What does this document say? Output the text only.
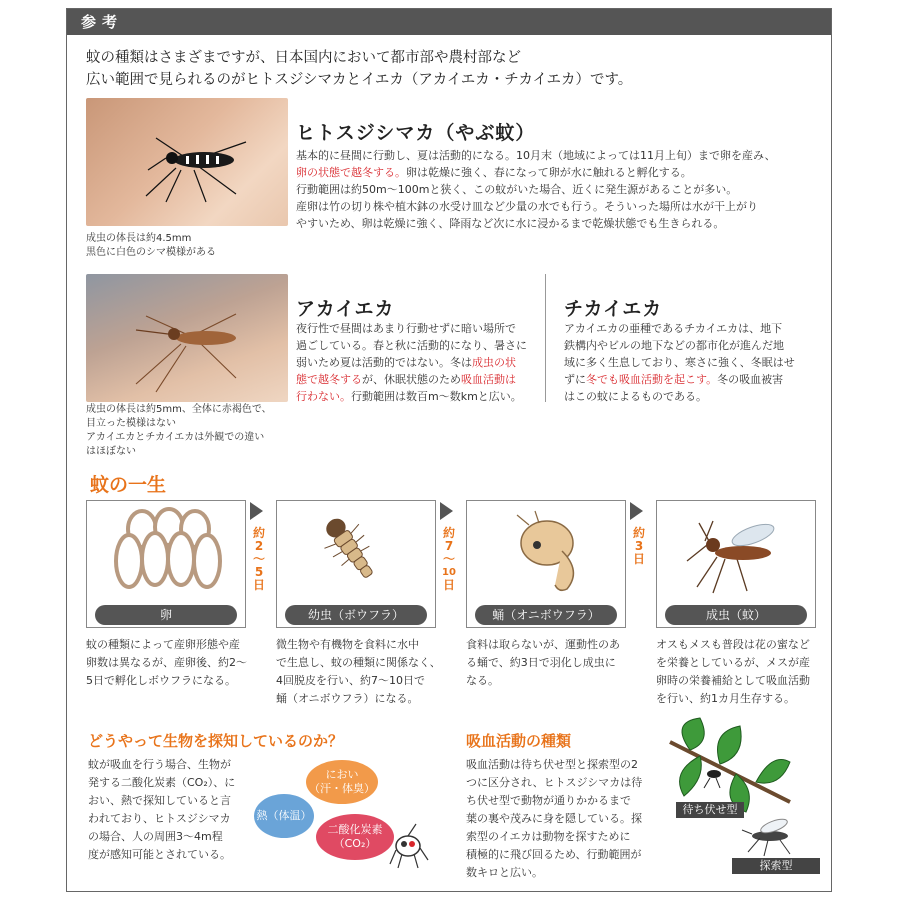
参考
蚊の種類はさまざまですが、日本国内において都市部や農村部など
広い範囲で見られるのがヒトスジシマカとイエカ（アカイエカ・チカイエカ）です。
成虫の体長は約4.5mm
黒色に白色のシマ模様がある
ヒトスジシマカ（やぶ蚊）
基本的に昼間に行動し、夏は活動的になる。10月末（地域によっては11月上旬）まで卵を産み、
卵の状態で越冬する。卵は乾燥に強く、春になって卵が水に触れると孵化する。
行動範囲は約50m〜100mと狭く、この蚊がいた場合、近くに発生源があることが多い。
産卵は竹の切り株や植木鉢の水受け皿など少量の水でも行う。そういった場所は水が干上がり
やすいため、卵は乾燥に強く、降雨など次に水に浸かるまで乾燥状態でも生きられる。
成虫の体長は約5mm、全体に赤褐色で、
目立った模様はない
アカイエカとチカイエカは外観での違い
はほぼない
アカイエカ
夜行性で昼間はあまり行動せずに暗い場所で
過ごしている。春と秋に活動的になり、暑さに
弱いため夏は活動的ではない。冬は成虫の状
態で越冬するが、休眠状態のため吸血活動は
行わない。行動範囲は数百m〜数kmと広い。
チカイエカ
アカイエカの亜種であるチカイエカは、地下
鉄構内やビルの地下などの都市化が進んだ地
域に多く生息しており、寒さに強く、冬眠はせ
ずに冬でも吸血活動を起こす。冬の吸血被害
はこの蚊によるものである。
蚊の一生
卵	幼虫（ボウフラ）	蛹（オニボウフラ）	成虫（蚊）
約
2
〜
5
日
約
7
〜
10
日
約
3
日
蚊の種類によって産卵形態や産
卵数は異なるが、産卵後、約2〜
5日で孵化しボウフラになる。
微生物や有機物を食料に水中
で生息し、蚊の種類に関係なく、
4回脱皮を行い、約7〜10日で
蛹（オニボウフラ）になる。
食料は取らないが、運動性のあ
る蛹で、約3日で羽化し成虫に
なる。
オスもメスも普段は花の蜜など
を栄養としているが、メスが産
卵時の栄養補給として吸血活動
を行い、約1カ月生存する。
どうやって生物を探知しているのか？
蚊が吸血を行う場合、生物が
発する二酸化炭素（CO₂）、に
おい、熱で探知していると言
われており、ヒトスジシマカ
の場合、人の周囲3〜4m程
度が感知可能とされている。
におい
（汗・体臭）
熱（体温）
二酸化炭素
（CO₂）
吸血活動の種類
吸血活動は待ち伏せ型と探索型の2
つに区分され、ヒトスジシマカは待
ち伏せ型で動物が通りかかるまで
葉の裏や茂みに身を隠している。探
索型のイエカは動物を探すために
積極的に飛び回るため、行動範囲が
数キロと広い。
待ち伏せ型
探索型
